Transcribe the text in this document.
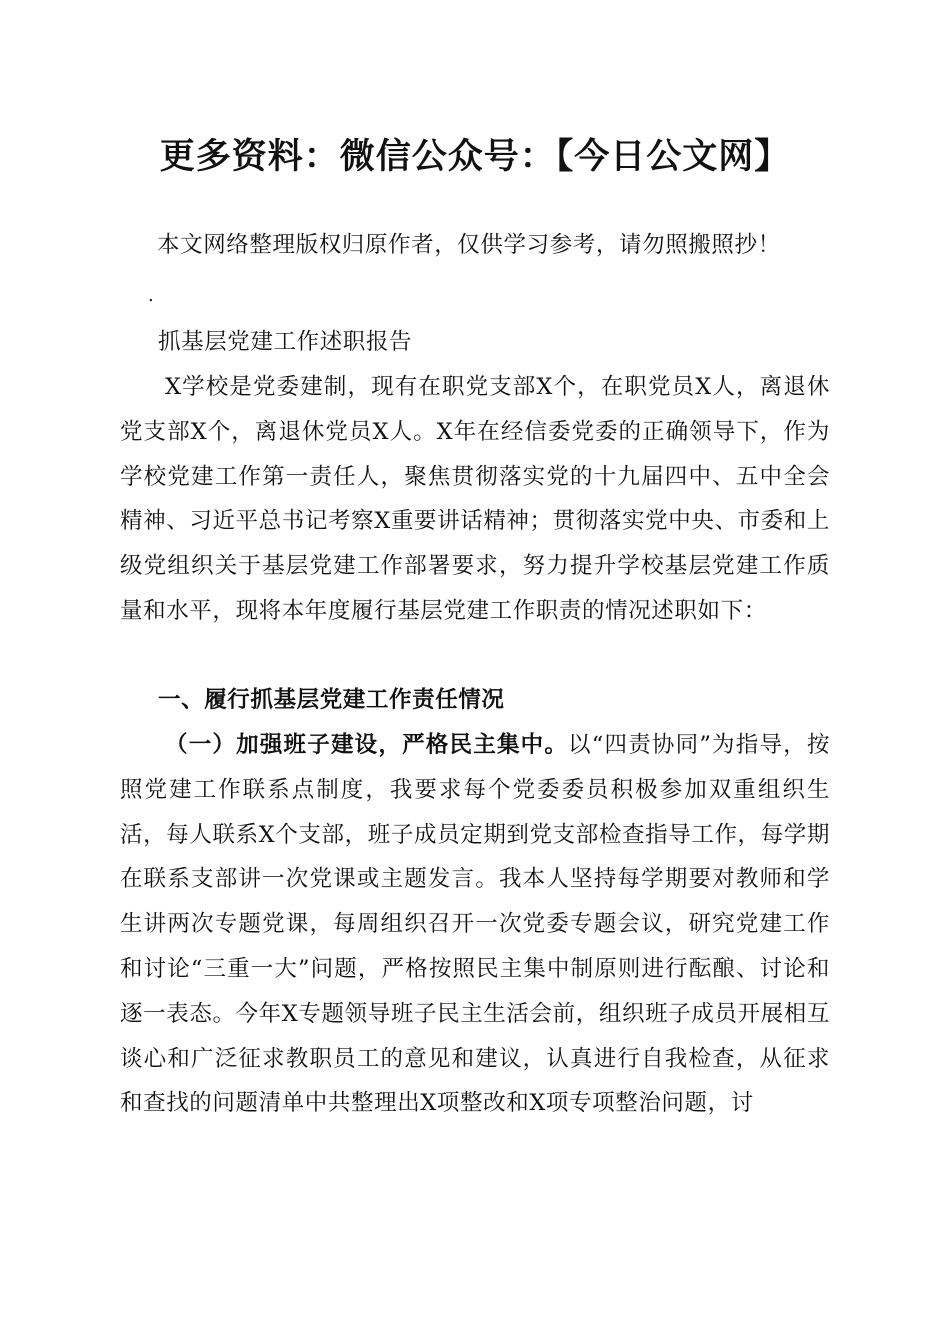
更多资料：微信公众号：【今日公文网】
本文网络整理版权归原作者，仅供学习参考，请勿照搬照抄！
.
抓基层党建工作述职报告
X学校是党委建制，现有在职党支部X个，在职党员X人，离退休党支部X个，离退休党员X人。X年在经信委党委的正确领导下，作为学校党建工作第一责任人，聚焦贯彻落实党的十九届四中、五中全会精神、习近平总书记考察X重要讲话精神；贯彻落实党中央、市委和上级党组织关于基层党建工作部署要求，努力提升学校基层党建工作质量和水平，现将本年度履行基层党建工作职责的情况述职如下：
一、履行抓基层党建工作责任情况
（一）加强班子建设，严格民主集中。以“四责协同”为指导，按照党建工作联系点制度，我要求每个党委委员积极参加双重组织生活，每人联系X个支部，班子成员定期到党支部检查指导工作，每学期在联系支部讲一次党课或主题发言。我本人坚持每学期要对教师和学生讲两次专题党课，每周组织召开一次党委专题会议，研究党建工作和讨论“三重一大”问题，严格按照民主集中制原则进行酝酿、讨论和逐一表态。今年X专题领导班子民主生活会前，组织班子成员开展相互谈心和广泛征求教职员工的意见和建议，认真进行自我检查，从征求和查找的问题清单中共整理出X项整改和X项专项整治问题，讨
